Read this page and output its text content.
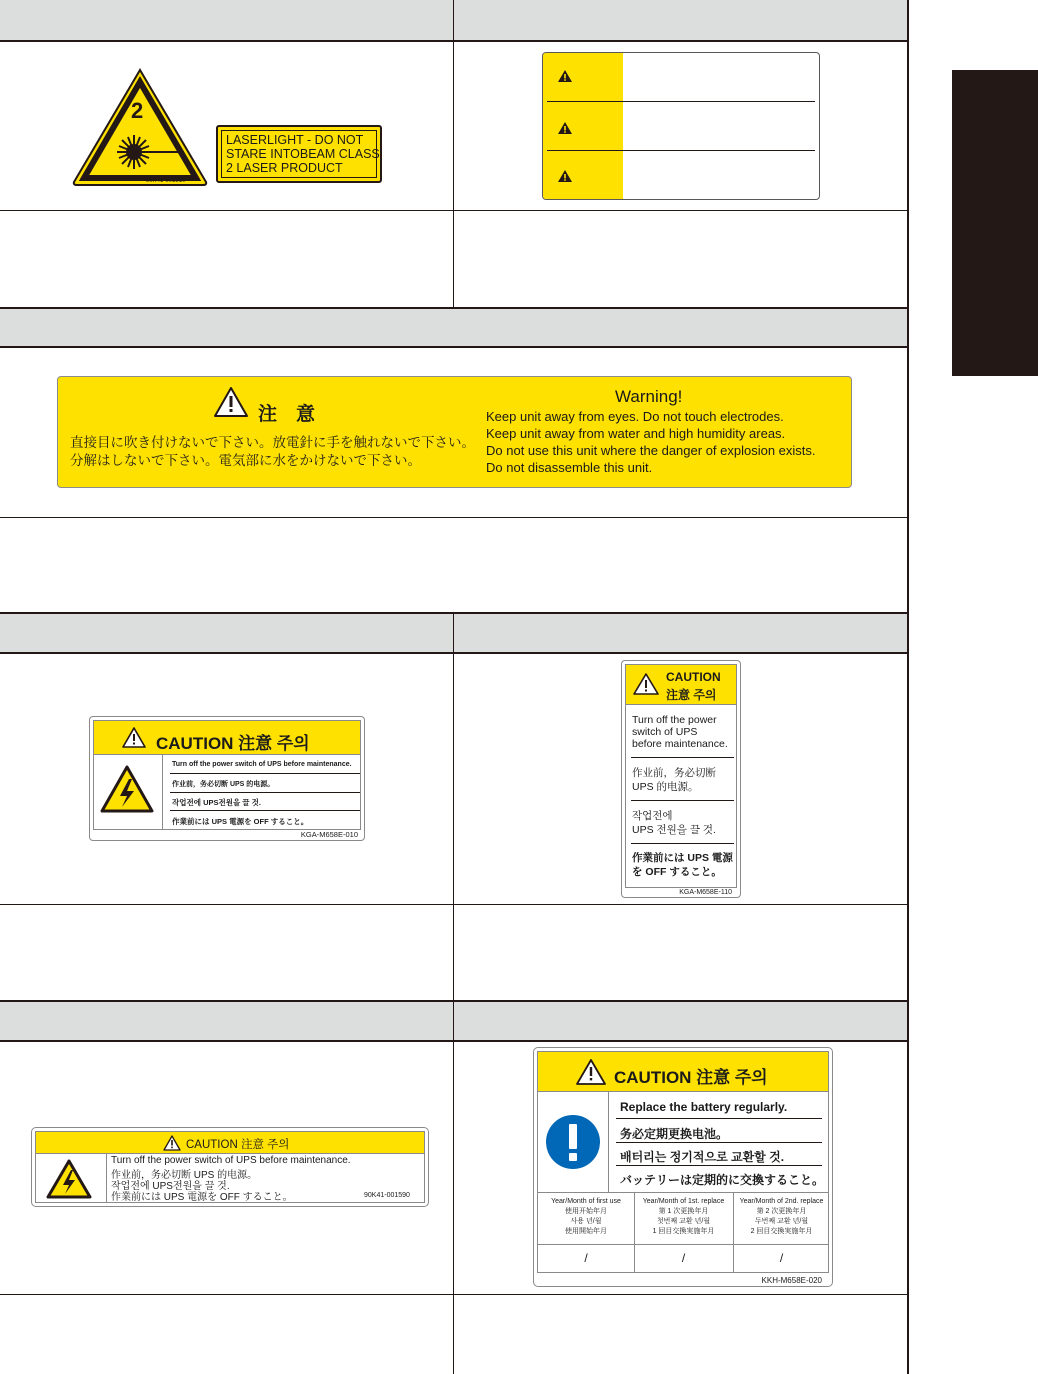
2
90K41-001510
LASERLIGHT - DO NOT
STARE INTOBEAM CLASS
2 LASER PRODUCT
注　意
直接目に吹き付けないで下さい。放電針に手を触れないで下さい。
分解はしないで下さい。電気部に水をかけないで下さい。
Warning!
Keep unit away from eyes. Do not touch electrodes.
Keep unit away from water and high humidity areas.
Do not use this unit where the danger of explosion exists.
Do not disassemble this unit.
CAUTION 注意 주의
Turn off the power switch of UPS before maintenance.
作业前，务必切断 UPS 的电源。
작업전에 UPS전원을 끌 것.
作業前には UPS 電源を OFF すること。
KGA-M658E-010
CAUTION
注意 주의
Turn off the power
switch of UPS
before maintenance.
作业前，务必切断
UPS 的电源。
작업전에
UPS 전원을 끌 것.
作業前には UPS 電源
を OFF すること。
KGA-M658E-110
CAUTION 注意 주의
Turn off the power switch of UPS before maintenance.
作业前，务必切断 UPS 的电源。
작업전에 UPS전원을 끌 것.
作業前には UPS 電源を OFF すること。	90K41-001590
CAUTION 注意 주의
Replace the battery regularly.
务必定期更换电池。
배터리는 정기적으로 교환할 것.
バッテリーは定期的に交換すること。
Year/Month of first use
使用开始年月
사용 년/월
使用開始年月
Year/Month of 1st. replace
第 1 次更换年月
첫번째 교환 년/월
1 回目交換実施年月
Year/Month of 2nd. replace
第 2 次更换年月
두번째 교환 년/월
2 回目交換実施年月
/	/	/
KKH-M658E-020
